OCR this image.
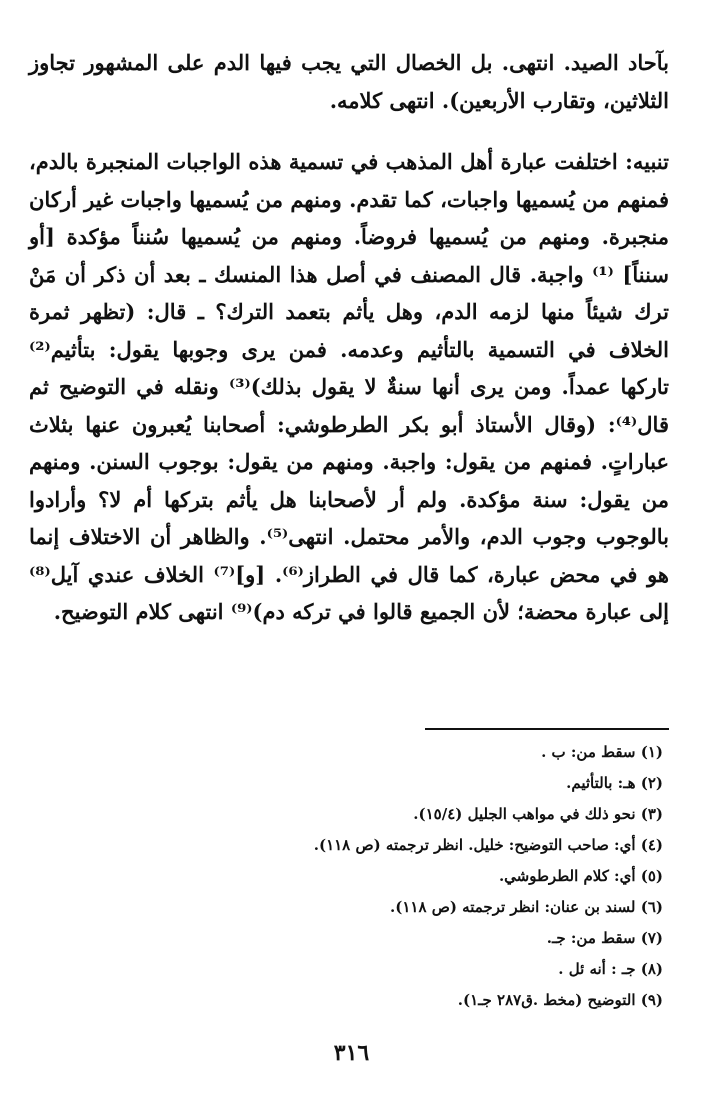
بآحاد الصيد. انتهى. بل الخصال التي يجب فيها الدم على المشهور تجاوز الثلاثين، وتقارب الأربعين). انتهى كلامه.

تنبيه: اختلفت عبارة أهل المذهب في تسمية هذه الواجبات المنجبرة بالدم، فمنهم من يُسميها واجبات، كما تقدم. ومنهم من يُسميها واجبات غير أركان منجبرة. ومنهم من يُسميها فروضاً. ومنهم من يُسميها سُنناً مؤكدة [أو سنناً] ⁽¹⁾ واجبة. قال المصنف في أصل هذا المنسك ـ بعد أن ذكر أن مَنْ ترك شيئاً منها لزمه الدم، وهل يأثم بتعمد الترك؟ ـ قال: (تظهر ثمرة الخلاف في التسمية بالتأثيم وعدمه. فمن يرى وجوبها يقول: بتأثيم⁽²⁾ تاركها عمداً. ومن يرى أنها سنةٌ لا يقول بذلك)⁽³⁾ ونقله في التوضيح ثم قال⁽⁴⁾: (وقال الأستاذ أبو بكر الطرطوشي: أصحابنا يُعبرون عنها بثلاث عباراتٍ. فمنهم من يقول: واجبة. ومنهم من يقول: بوجوب السنن. ومنهم من يقول: سنة مؤكدة. ولم أر لأصحابنا هل يأثم بتركها أم لا؟ وأرادوا بالوجوب وجوب الدم، والأمر محتمل. انتهى⁽⁵⁾. والظاهر أن الاختلاف إنما هو في محض عبارة، كما قال في الطراز⁽⁶⁾. [و]⁽⁷⁾ الخلاف عندي آيل⁽⁸⁾ إلى عبارة محضة؛ لأن الجميع قالوا في تركه دم)⁽⁹⁾ انتهى كلام التوضيح.

(١) سقط من: ب .
(٢) هـ: بالتأثيم.
(٣) نحو ذلك في مواهب الجليل (١٥/٤).
(٤) أي: صاحب التوضيح: خليل. انظر ترجمته (ص ١١٨).
(٥) أي: كلام الطرطوشي.
(٦) لسند بن عنان: انظر ترجمته (ص ١١٨).
(٧) سقط من: جـ.
(٨) جـ : أنه ئل .
(٩) التوضيح (مخط .ق٢٨٧ جـ١).
٣١٦
